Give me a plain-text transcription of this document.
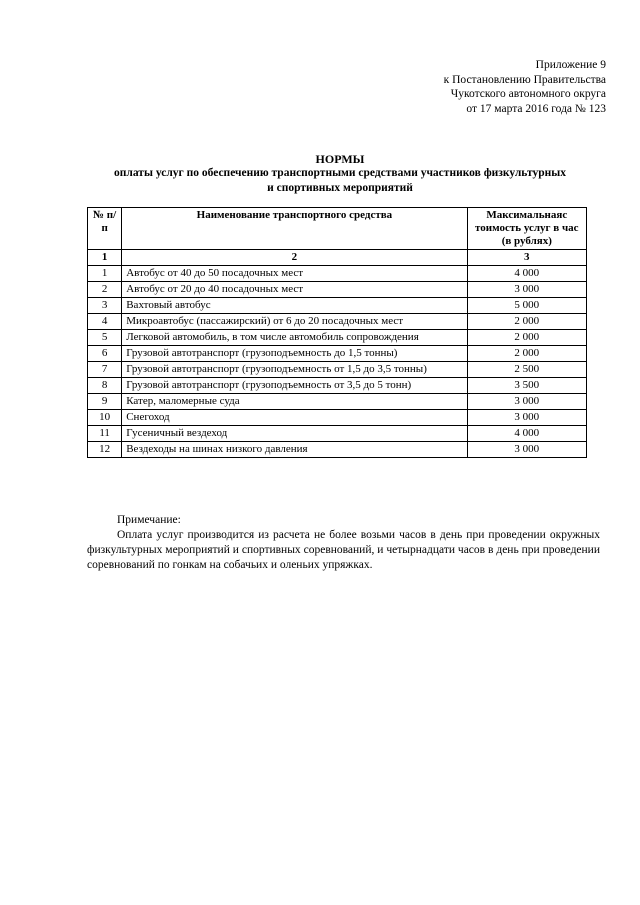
Приложение 9
к Постановлению Правительства
Чукотского автономного округа
от 17 марта 2016 года № 123
НОРМЫ
оплаты услуг по обеспечению транспортными средствами участников физкультурных
и спортивных мероприятий
№ п/п	Наименование транспортного средства	Максимальнаяс тоимость услуг в час
(в рублях)

1	2	3
1	Автобус от 40 до 50 посадочных мест	4 000
2	Автобус от 20 до 40 посадочных мест	3 000
3	Вахтовый автобус	5 000
4	Микроавтобус (пассажирский) от 6 до 20 посадочных мест	2 000
5	Легковой автомобиль, в том числе автомобиль сопровождения	2 000
6	Грузовой автотранспорт (грузоподъемность до 1,5 тонны)	2 000
7	Грузовой автотранспорт (грузоподъемность от 1,5 до 3,5 тонны)	2 500
8	Грузовой автотранспорт (грузоподъемность от 3,5 до 5 тонн)	3 500
9	Катер, маломерные суда	3 000
10	Снегоход	3 000
11	Гусеничный вездеход	4 000
12	Вездеходы на шинах низкого давления	3 000
Примечание:
Оплата услуг производится из расчета не более возьми часов в день при проведении окружных физкультурных мероприятий и спортивных соревнований, и четырнадцати часов в день при проведении соревнований по гонкам на собачьих и оленьих упряжках.
